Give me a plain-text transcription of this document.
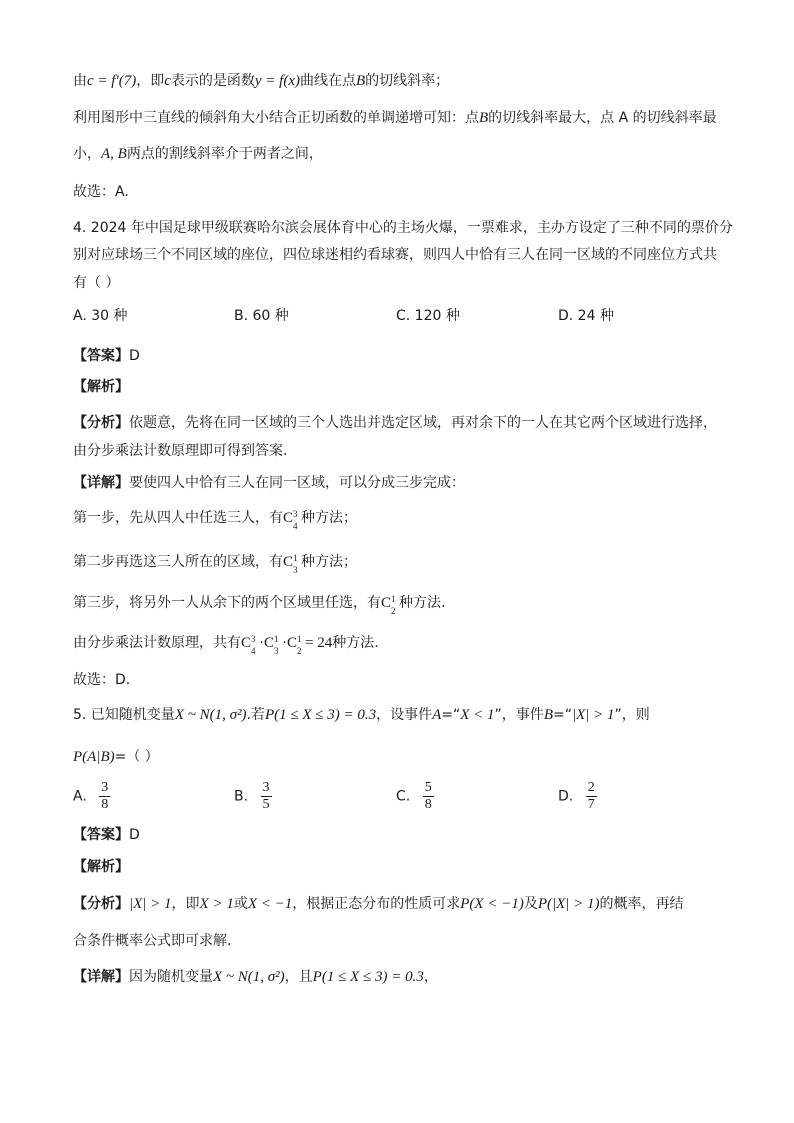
由c = f′(7)，即c表示的是函数y = f(x)曲线在点B的切线斜率；
利用图形中三直线的倾斜角大小结合正切函数的单调递增可知：点B的切线斜率最大，点 A 的切线斜率最
小，A, B两点的割线斜率介于两者之间，
故选：A.
4. 2024 年中国足球甲级联赛哈尔滨会展体育中心的主场火爆，一票难求，主办方设定了三种不同的票价分
别对应球场三个不同区域的座位，四位球迷相约看球赛，则四人中恰有三人在同一区域的不同座位方式共
有（ ）
A. 30 种	B. 60 种	C. 120 种	D. 24 种
【答案】D
【解析】
【分析】依题意，先将在同一区域的三个人选出并选定区域，再对余下的一人在其它两个区域进行选择，
由分步乘法计数原理即可得到答案.
【详解】要使四人中恰有三人在同一区域，可以分成三步完成：
第一步，先从四人中任选三人，有C 3
4 种方法；
第二步再选这三人所在的区域，有C 1
3 种方法；
第三步，将另外一人从余下的两个区域里任选，有C 1
2 种方法.
由分步乘法计数原理，共有C 3
4 ·C 1
3 ·C 1
2 = 24种方法.
故选：D.
5. 已知随机变量X ~ N(1, σ²).若P(1 ≤ X ≤ 3) = 0.3，设事件A=“X < 1”，事件B=“|X| > 1”，则
P(A|B)=（ ）
A. $\frac{3}{8}$	B. $\frac{3}{5}$	C. $\frac{5}{8}$	D. $\frac{2}{7}$
【答案】D
【解析】
【分析】|X| > 1，即X > 1或X < −1，根据正态分布的性质可求P(X < −1)及P(|X| > 1)的概率，再结
合条件概率公式即可求解.
【详解】因为随机变量X ~ N(1, σ²)，且P(1 ≤ X ≤ 3) = 0.3，
